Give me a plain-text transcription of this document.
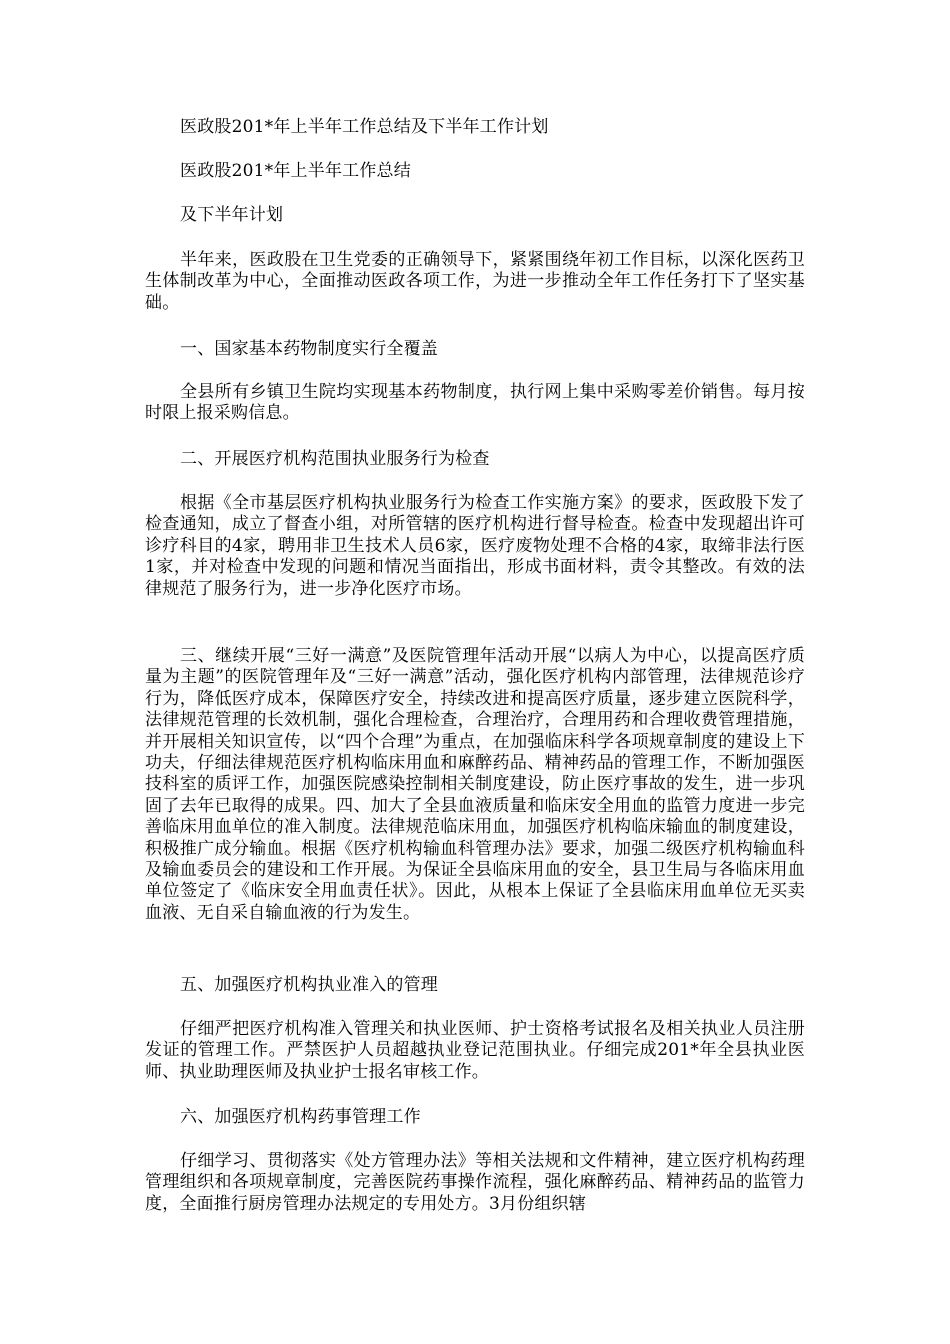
医政股201*年上半年工作总结及下半年工作计划

医政股201*年上半年工作总结

及下半年计划

半年来，医政股在卫生党委的正确领导下，紧紧围绕年初工作目标，以深化医药卫生体制改革为中心，全面推动医政各项工作，为进一步推动全年工作任务打下了坚实基础。

一、国家基本药物制度实行全覆盖

全县所有乡镇卫生院均实现基本药物制度，执行网上集中采购零差价销售。每月按时限上报采购信息。

二、开展医疗机构范围执业服务行为检查

根据《全市基层医疗机构执业服务行为检查工作实施方案》的要求，医政股下发了检查通知，成立了督查小组，对所管辖的医疗机构进行督导检查。检查中发现超出许可诊疗科目的4家，聘用非卫生技术人员6家，医疗废物处理不合格的4家，取缔非法行医1家，并对检查中发现的问题和情况当面指出，形成书面材料，责令其整改。有效的法律规范了服务行为，进一步净化医疗市场。

三、继续开展“三好一满意”及医院管理年活动开展“以病人为中心，以提高医疗质量为主题”的医院管理年及“三好一满意”活动，强化医疗机构内部管理，法律规范诊疗行为，降低医疗成本，保障医疗安全，持续改进和提高医疗质量，逐步建立医院科学，法律规范管理的长效机制，强化合理检查，合理治疗，合理用药和合理收费管理措施，并开展相关知识宣传，以“四个合理”为重点，在加强临床科学各项规章制度的建设上下功夫，仔细法律规范医疗机构临床用血和麻醉药品、精神药品的管理工作，不断加强医技科室的质评工作，加强医院感染控制相关制度建设，防止医疗事故的发生，进一步巩固了去年已取得的成果。四、加大了全县血液质量和临床安全用血的监管力度进一步完善临床用血单位的准入制度。法律规范临床用血，加强医疗机构临床输血的制度建设，积极推广成分输血。根据《医疗机构输血科管理办法》要求，加强二级医疗机构输血科及输血委员会的建设和工作开展。为保证全县临床用血的安全，县卫生局与各临床用血单位签定了《临床安全用血责任状》。因此，从根本上保证了全县临床用血单位无买卖血液、无自采自输血液的行为发生。

五、加强医疗机构执业准入的管理

仔细严把医疗机构准入管理关和执业医师、护士资格考试报名及相关执业人员注册发证的管理工作。严禁医护人员超越执业登记范围执业。仔细完成201*年全县执业医师、执业助理医师及执业护士报名审核工作。

六、加强医疗机构药事管理工作

仔细学习、贯彻落实《处方管理办法》等相关法规和文件精神，建立医疗机构药理管理组织和各项规章制度，完善医院药事操作流程，强化麻醉药品、精神药品的监管力度，全面推行厨房管理办法规定的专用处方。3月份组织辖
